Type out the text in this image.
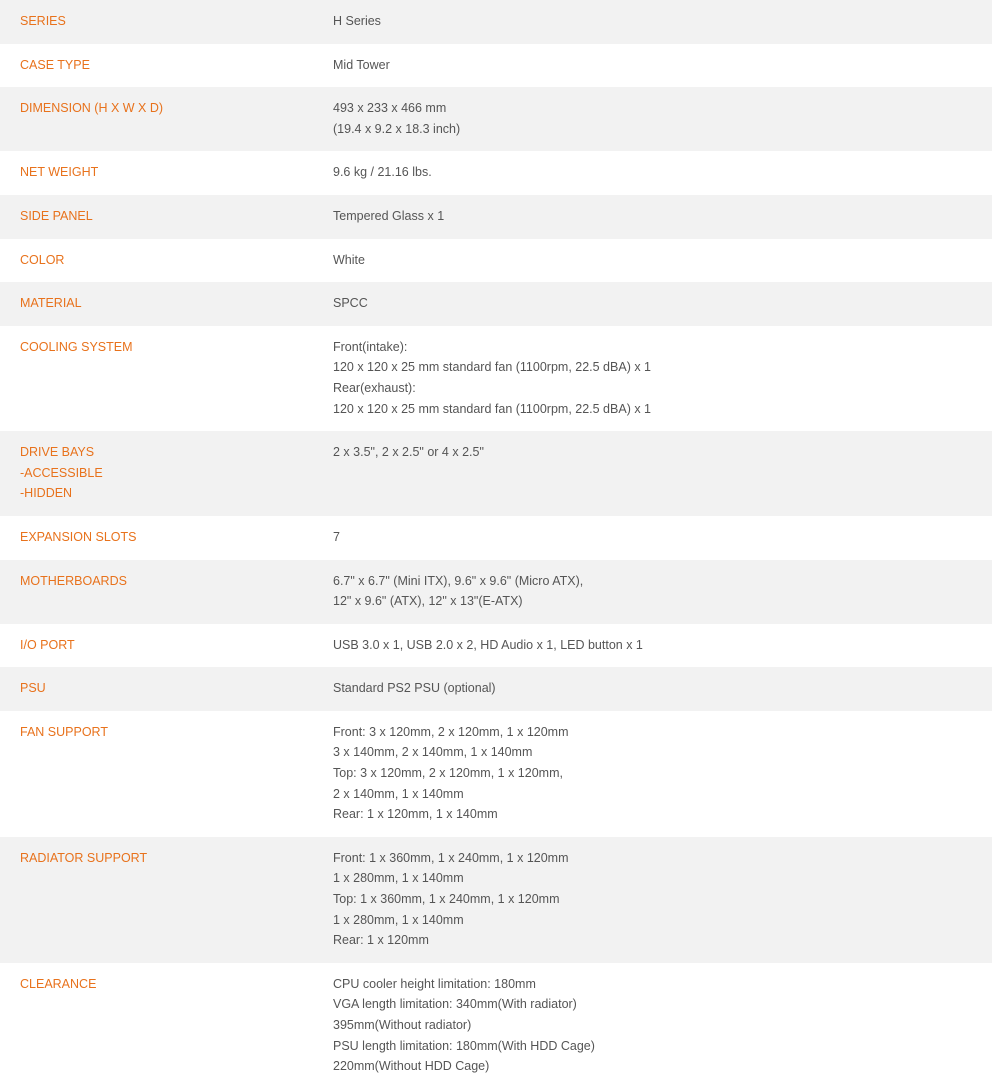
SERIES	H Series

CASE TYPE	Mid Tower

DIMENSION (H X W X D)	493 x 233 x 466 mm
(19.4 x 9.2 x 18.3 inch)

NET WEIGHT	9.6 kg / 21.16 lbs.

SIDE PANEL	Tempered Glass x 1

COLOR	White

MATERIAL	SPCC

COOLING SYSTEM	Front(intake):
120 x 120 x 25 mm standard fan (1100rpm, 22.5 dBA) x 1
Rear(exhaust):
120 x 120 x 25 mm standard fan (1100rpm, 22.5 dBA) x 1

DRIVE BAYS
-ACCESSIBLE
-HIDDEN	2 x 3.5", 2 x 2.5" or 4 x 2.5"

EXPANSION SLOTS	7

MOTHERBOARDS	6.7" x 6.7" (Mini ITX), 9.6" x 9.6" (Micro ATX),
12" x 9.6" (ATX), 12" x 13"(E-ATX)

I/O PORT	USB 3.0 x 1, USB 2.0 x 2, HD Audio x 1, LED button x 1

PSU	Standard PS2 PSU (optional)

FAN SUPPORT	Front: 3 x 120mm, 2 x 120mm, 1 x 120mm
3 x 140mm, 2 x 140mm, 1 x 140mm
Top: 3 x 120mm, 2 x 120mm, 1 x 120mm,
2 x 140mm, 1 x 140mm
Rear: 1 x 120mm, 1 x 140mm

RADIATOR SUPPORT	Front: 1 x 360mm, 1 x 240mm, 1 x 120mm
1 x 280mm, 1 x 140mm
Top: 1 x 360mm, 1 x 240mm, 1 x 120mm
1 x 280mm, 1 x 140mm
Rear: 1 x 120mm

CLEARANCE	CPU cooler height limitation: 180mm
VGA length limitation: 340mm(With radiator)
395mm(Without radiator)
PSU length limitation: 180mm(With HDD Cage)
220mm(Without HDD Cage)
